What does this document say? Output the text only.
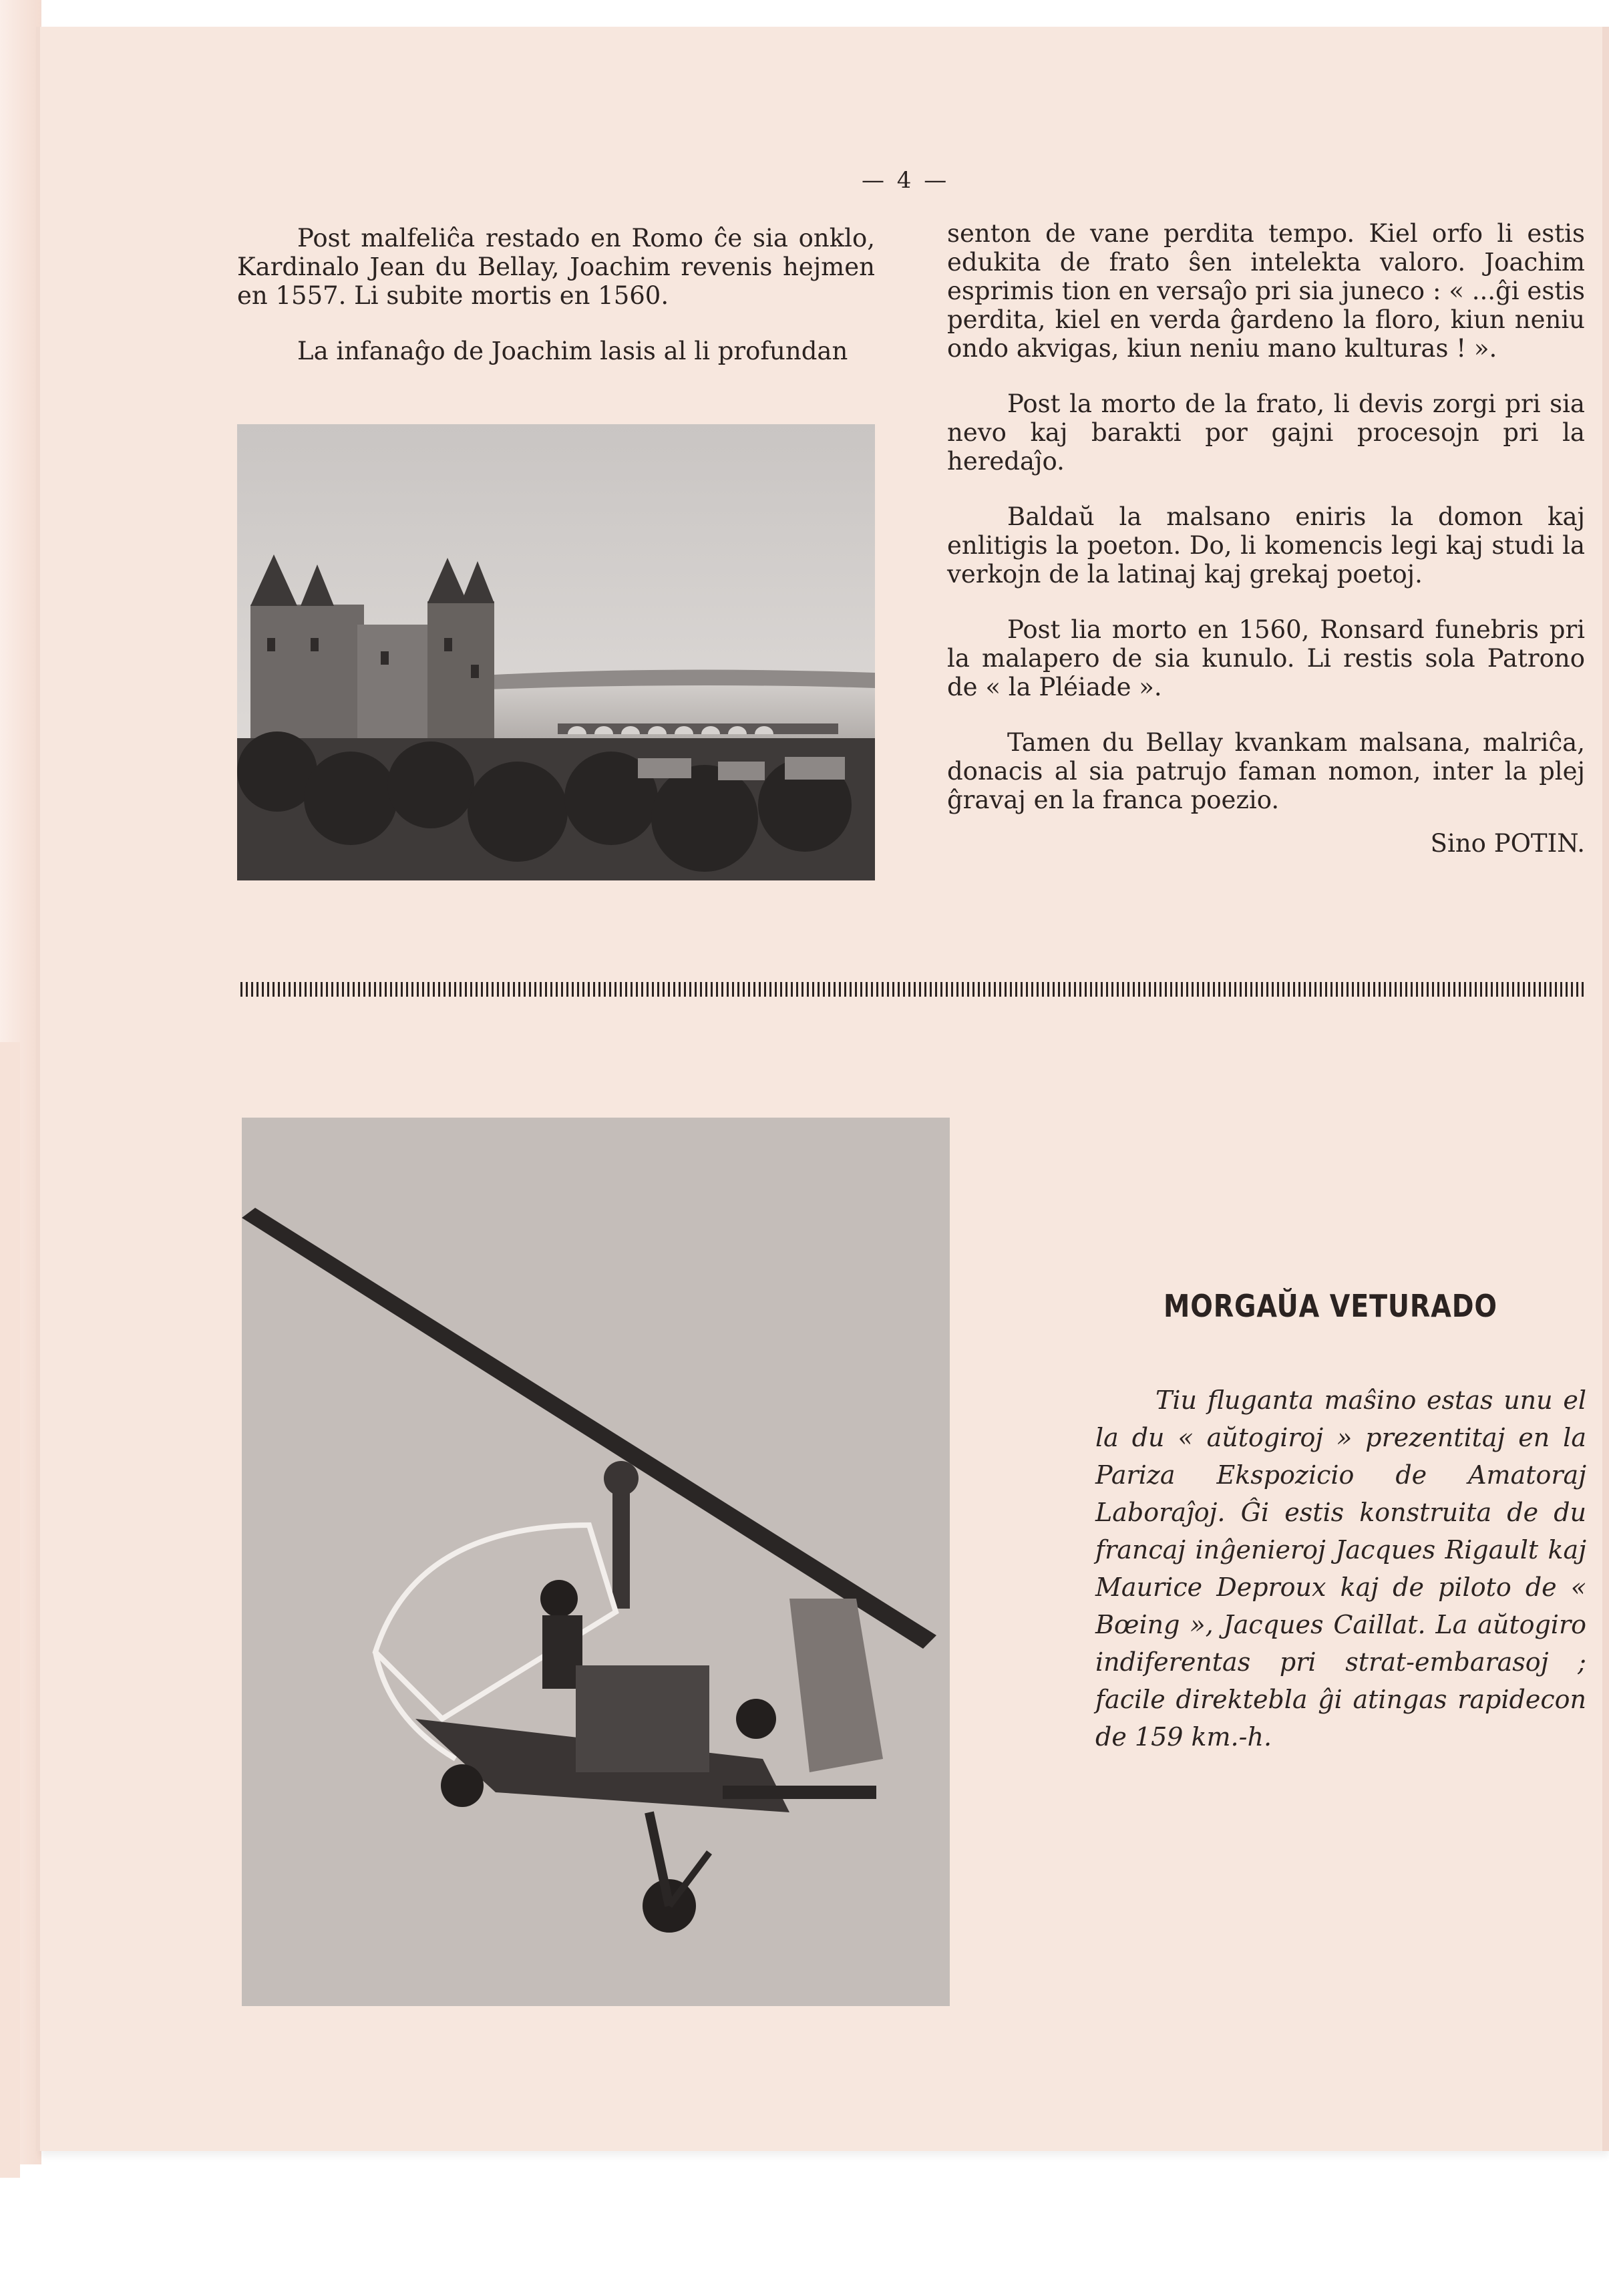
— 4 —

Post malfeliĉa restado en Romo ĉe sia onklo, Kardinalo Jean du Bellay, Joachim revenis hejmen en 1557. Li subite mortis en 1560.

La infanaĝo de Joachim lasis al li profundan

senton de vane perdita tempo. Kiel orfo li estis edukita de frato ŝen intelekta valoro. Joachim esprimis tion en versaĵo pri sia juneco : « ...ĝi estis perdita, kiel en verda ĝardeno la floro, kiun neniu ondo akvigas, kiun neniu mano kulturas ! ».

Post la morto de la frato, li devis zorgi pri sia nevo kaj barakti por gajni procesojn pri la heredaĵo.

Baldaŭ la malsano eniris la domon kaj enlitigis la poeton. Do, li komencis legi kaj studi la verkojn de la latinaj kaj grekaj poetoj.

Post lia morto en 1560, Ronsard funebris pri la malapero de sia kunulo. Li restis sola Patrono de « la Pléiade ».

Tamen du Bellay kvankam malsana, malriĉa, donacis al sia patrujo faman nomon, inter la plej ĝravaj en la franca poezio.

Sino POTIN.

MORGAŬA VETURADO

Tiu fluganta maŝino estas unu el la du « aŭtogiroj » prezentitaj en la Pariza Ekspozicio de Amatoraj Laboraĵoj. Ĝi estis konstruita de du francaj inĝenieroj Jacques Rigault kaj Maurice Deproux kaj de piloto de « Bœing », Jacques Caillat. La aŭtogiro indiferentas pri strat-embarasoj ; facile direktebla ĝi atingas rapidecon de 159 km.-h.
